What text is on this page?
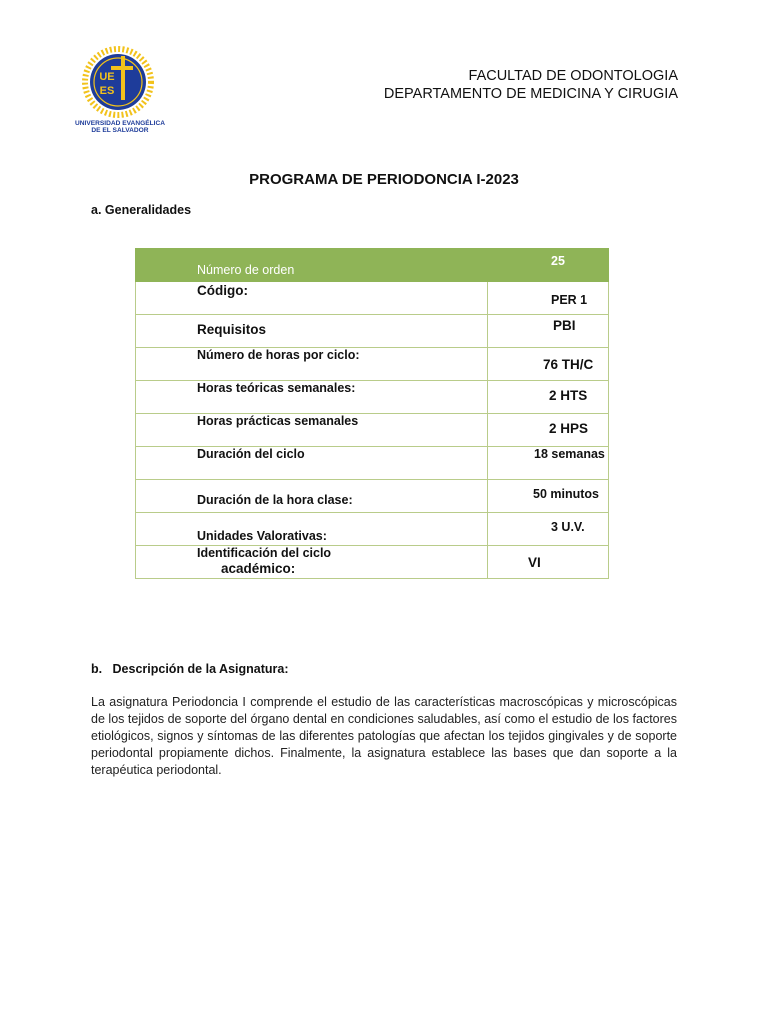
UE
ES
UNIVERSIDAD EVANGÉLICA
DE EL SALVADOR
FACULTAD DE ODONTOLOGIA
DEPARTAMENTO DE MEDICINA Y CIRUGIA
PROGRAMA DE PERIODONCIA I-2023
a. Generalidades
Número de orden	25
Código:	PER 1
Requisitos	PBI
Número de horas por ciclo:	76 TH/C
Horas teóricas semanales:	2 HTS
Horas prácticas semanales	2 HPS
Duración del ciclo	18 semanas
Duración de la hora clase:	50 minutos
Unidades Valorativas:	3 U.V.

Identificación del ciclo
académico:	VI
b.   Descripción de la Asignatura:
La asignatura Periodoncia I comprende el estudio de las características macroscópicas y microscópicas de los tejidos de soporte del órgano dental en condiciones saludables, así como el estudio de los factores etiológicos, signos y síntomas de las diferentes patologías que afectan los tejidos gingivales y de soporte periodontal propiamente dichos. Finalmente, la asignatura establece las bases que dan soporte a la terapéutica periodontal.
